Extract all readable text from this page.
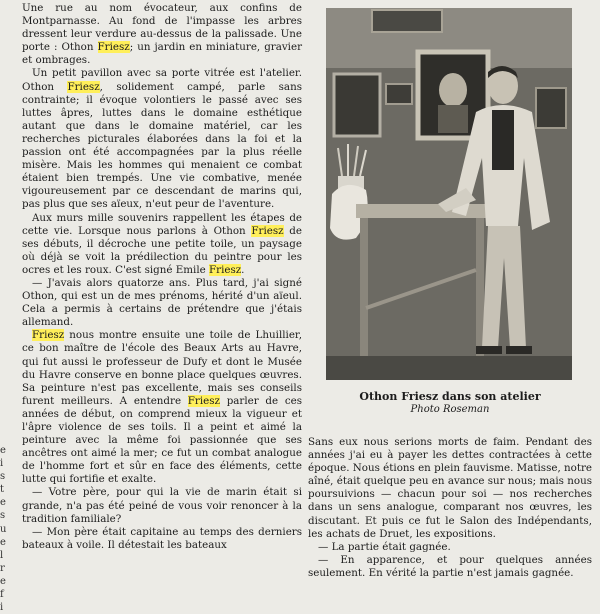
Une rue au nom évocateur, aux confins de Montparnasse. Au fond de l'impasse les arbres dressent leur verdure au-dessus de la palissade. Une porte : Othon Friesz; un jardin en miniature, gravier et ombrages.

Un petit pavillon avec sa porte vitrée est l'atelier. Othon Friesz, solidement campé, parle sans contrainte; il évoque volontiers le passé avec ses luttes âpres, luttes dans le domaine esthétique autant que dans le domaine matériel, car les recherches picturales élaborées dans la foi et la passion ont été accompagnées par la plus réelle misère. Mais les hommes qui menaient ce combat étaient bien trempés. Une vie combative, menée vigoureusement par ce descendant de marins qui, pas plus que ses aïeux, n'eut peur de l'aventure.

Aux murs mille souvenirs rappellent les étapes de cette vie. Lorsque nous parlons à Othon Friesz de ses débuts, il décroche une petite toile, un paysage où déjà se voit la prédilection du peintre pour les ocres et les roux. C'est signé Emile Friesz.

— J'avais alors quatorze ans. Plus tard, j'ai signé Othon, qui est un de mes prénoms, hérité d'un aïeul. Cela a permis à certains de prétendre que j'étais allemand.

Friesz nous montre ensuite une toile de Lhuillier, ce bon maître de l'école des Beaux Arts au Havre, qui fut aussi le professeur de Dufy et dont le Musée du Havre conserve en bonne place quelques œuvres. Sa peinture n'est pas excellente, mais ses conseils furent meilleurs. A entendre Friesz parler de ces années de début, on comprend mieux la vigueur et l'âpre violence de ses toils. Il a peint et aimé la peinture avec la même foi passionnée que ses ancêtres ont aimé la mer; ce fut un combat analogue de l'homme fort et sûr en face des éléments, cette lutte qui fortifie et exalte.

— Votre père, pour qui la vie de marin était si grande, n'a pas été peiné de vous voir renoncer à la tradition familiale?

— Mon père était capitaine au temps des derniers bateaux à voile. Il détestait les bateaux

e
i
s
t
e
s
u
e
l
r
e
f
i
Othon Friesz dans son atelier
Photo Roseman

Sans eux nous serions morts de faim. Pendant des années j'ai eu à payer les dettes contractées à cette époque. Nous étions en plein fauvisme. Matisse, notre aîné, était quelque peu en avance sur nous; mais nous poursuivions — chacun pour soi — nos recherches dans un sens analogue, comparant nos œuvres, les discutant. Et puis ce fut le Salon des Indépendants, les achats de Druet, les expositions.

— La partie était gagnée.

— En apparence, et pour quelques années seulement. En vérité la partie n'est jamais gagnée.
